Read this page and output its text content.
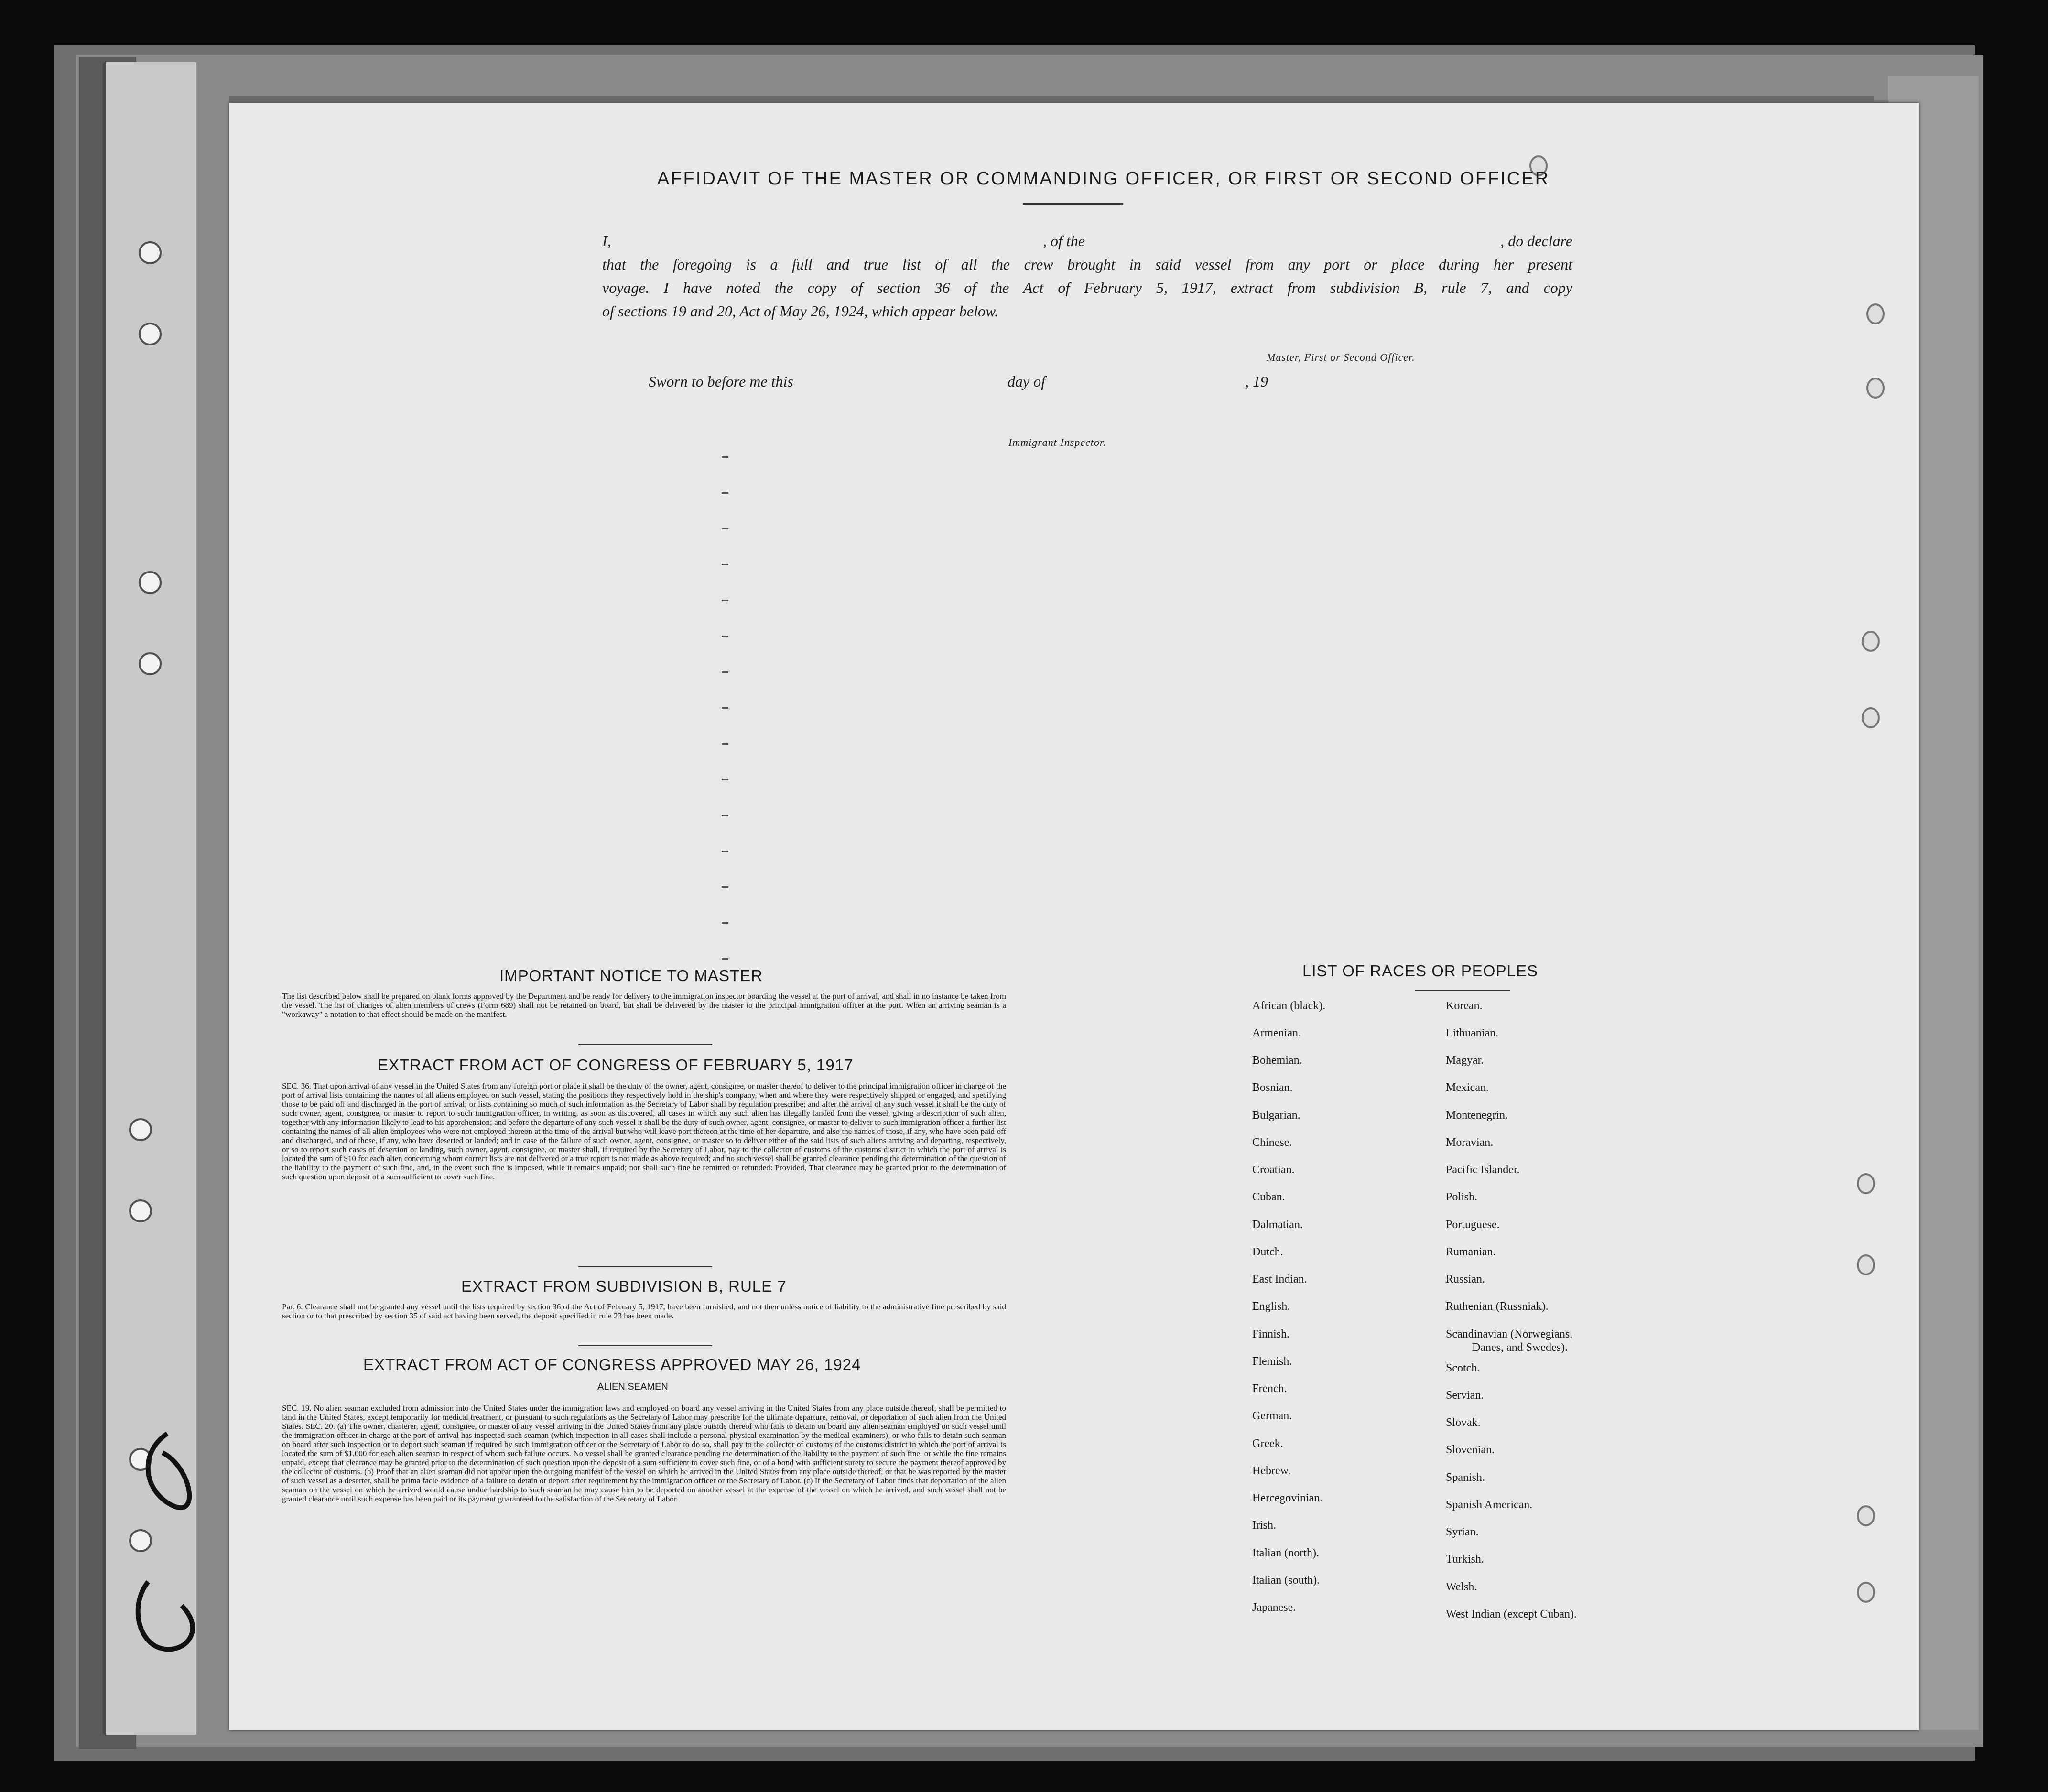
AFFIDAVIT OF THE MASTER OR COMMANDING OFFICER, OR FIRST OR SECOND OFFICER
I,	, of the	, do declare
that the foregoing is a full and true list of all the crew brought in said vessel from any port or place during her present
voyage. I have noted the copy of section 36 of the Act of February 5, 1917, extract from subdivision B, rule 7, and copy
of sections 19 and 20, Act of May 26, 1924, which appear below.
Master, First or Second Officer.
Sworn to before me this	day of	, 19
Immigrant Inspector.
IMPORTANT NOTICE TO MASTER
The list described below shall be prepared on blank forms approved by the Department and be ready for delivery to the immigration inspector boarding the vessel at the port of arrival, and shall in no instance be taken from the vessel. The list of changes of alien members of crews (Form 689) shall not be retained on board, but shall be delivered by the master to the principal immigration officer at the port. When an arriving seaman is a "workaway" a notation to that effect should be made on the manifest.
EXTRACT FROM ACT OF CONGRESS OF FEBRUARY 5, 1917
SEC. 36. That upon arrival of any vessel in the United States from any foreign port or place it shall be the duty of the owner, agent, consignee, or master thereof to deliver to the principal immigration officer in charge of the port of arrival lists containing the names of all aliens employed on such vessel, stating the positions they respectively hold in the ship's company, when and where they were respectively shipped or engaged, and specifying those to be paid off and discharged in the port of arrival; or lists containing so much of such information as the Secretary of Labor shall by regulation prescribe; and after the arrival of any such vessel it shall be the duty of such owner, agent, consignee, or master to report to such immigration officer, in writing, as soon as discovered, all cases in which any such alien has illegally landed from the vessel, giving a description of such alien, together with any information likely to lead to his apprehension; and before the departure of any such vessel it shall be the duty of such owner, agent, consignee, or master to deliver to such immigration officer a further list containing the names of all alien employees who were not employed thereon at the time of the arrival but who will leave port thereon at the time of her departure, and also the names of those, if any, who have been paid off and discharged, and of those, if any, who have deserted or landed; and in case of the failure of such owner, agent, consignee, or master so to deliver either of the said lists of such aliens arriving and departing, respectively, or so to report such cases of desertion or landing, such owner, agent, consignee, or master shall, if required by the Secretary of Labor, pay to the collector of customs of the customs district in which the port of arrival is located the sum of $10 for each alien concerning whom correct lists are not delivered or a true report is not made as above required; and no such vessel shall be granted clearance pending the determination of the question of the liability to the payment of such fine, and, in the event such fine is imposed, while it remains unpaid; nor shall such fine be remitted or refunded: Provided, That clearance may be granted prior to the determination of such question upon deposit of a sum sufficient to cover such fine.
EXTRACT FROM SUBDIVISION B, RULE 7
Par. 6. Clearance shall not be granted any vessel until the lists required by section 36 of the Act of February 5, 1917, have been furnished, and not then unless notice of liability to the administrative fine prescribed by said section or to that prescribed by section 35 of said act having been served, the deposit specified in rule 23 has been made.
EXTRACT FROM ACT OF CONGRESS APPROVED MAY 26, 1924
ALIEN SEAMEN
SEC. 19. No alien seaman excluded from admission into the United States under the immigration laws and employed on board any vessel arriving in the United States from any place outside thereof, shall be permitted to land in the United States, except temporarily for medical treatment, or pursuant to such regulations as the Secretary of Labor may prescribe for the ultimate departure, removal, or deportation of such alien from the United States. SEC. 20. (a) The owner, charterer, agent, consignee, or master of any vessel arriving in the United States from any place outside thereof who fails to detain on board any alien seaman employed on such vessel until the immigration officer in charge at the port of arrival has inspected such seaman (which inspection in all cases shall include a personal physical examination by the medical examiners), or who fails to detain such seaman on board after such inspection or to deport such seaman if required by such immigration officer or the Secretary of Labor to do so, shall pay to the collector of customs of the customs district in which the port of arrival is located the sum of $1,000 for each alien seaman in respect of whom such failure occurs. No vessel shall be granted clearance pending the determination of the liability to the payment of such fine, or while the fine remains unpaid, except that clearance may be granted prior to the determination of such question upon the deposit of a sum sufficient to cover such fine, or of a bond with sufficient surety to secure the payment thereof approved by the collector of customs. (b) Proof that an alien seaman did not appear upon the outgoing manifest of the vessel on which he arrived in the United States from any place outside thereof, or that he was reported by the master of such vessel as a deserter, shall be prima facie evidence of a failure to detain or deport after requirement by the immigration officer or the Secretary of Labor. (c) If the Secretary of Labor finds that deportation of the alien seaman on the vessel on which he arrived would cause undue hardship to such seaman he may cause him to be deported on another vessel at the expense of the vessel on which he arrived, and such vessel shall not be granted clearance until such expense has been paid or its payment guaranteed to the satisfaction of the Secretary of Labor.
LIST OF RACES OR PEOPLES
African (black).
Armenian.
Bohemian.
Bosnian.
Bulgarian.
Chinese.
Croatian.
Cuban.
Dalmatian.
Dutch.
East Indian.
English.
Finnish.
Flemish.
French.
German.
Greek.
Hebrew.
Hercegovinian.
Irish.
Italian (north).
Italian (south).
Japanese.
Korean.
Lithuanian.
Magyar.
Mexican.
Montenegrin.
Moravian.
Pacific Islander.
Polish.
Portuguese.
Rumanian.
Russian.
Ruthenian (Russniak).
Scandinavian (Norwegians,
Danes, and Swedes).
Scotch.
Servian.
Slovak.
Slovenian.
Spanish.
Spanish American.
Syrian.
Turkish.
Welsh.
West Indian (except Cuban).
